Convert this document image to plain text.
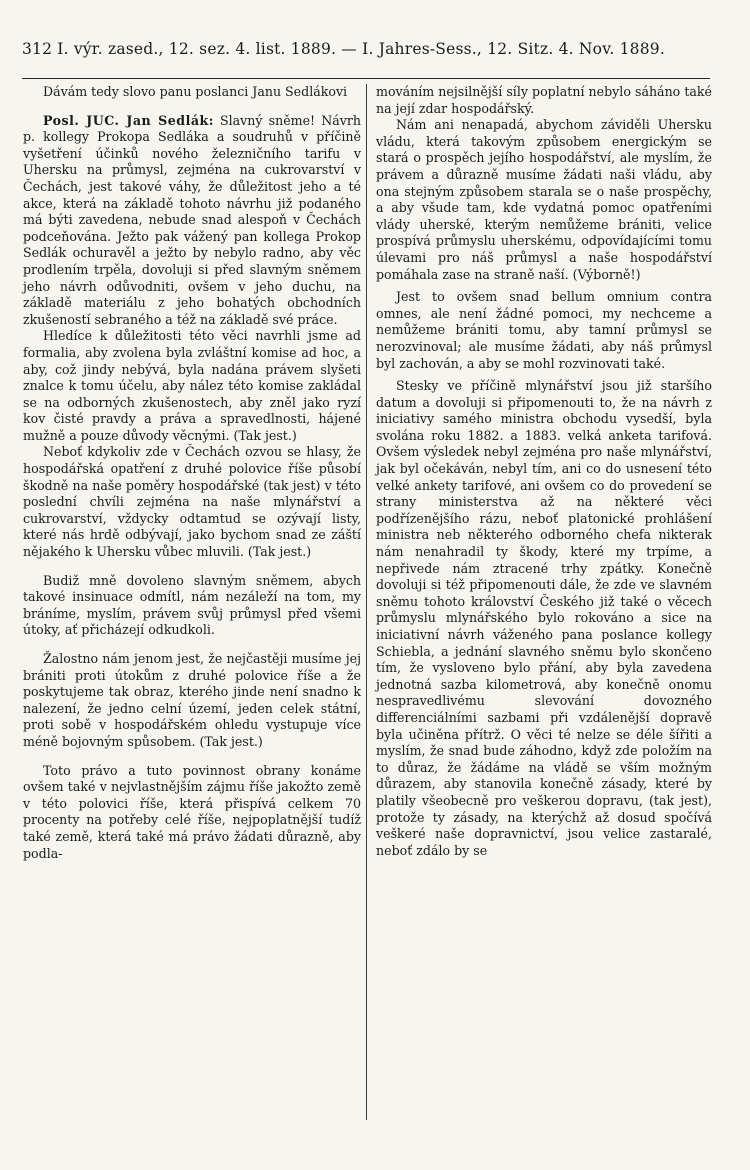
312 I. výr. zased., 12. sez. 4. list. 1889. — I. Jahres-Sess., 12. Sitz. 4. Nov. 1889.

Dávám tedy slovo panu poslanci Janu Sedlákovi

Posl. JUC. Jan Sedlák: Slavný sněme! Návrh p. kollegy Prokopa Sedláka a soudruhů v příčině vyšetření účinků nového železničního tarifu v Uhersku na průmysl, zejména na cukrovarství v Čechách, jest takové váhy, že důležitost jeho a té akce, která na základě tohoto návrhu již podaného má býti zavedena, nebude snad alespoň v Čechách podceňována. Ježto pak vážený pan kollega Prokop Sedlák ochuravěl a ježto by nebylo radno, aby věc prodlením trpěla, dovoluji si před slavným sněmem jeho návrh odůvodniti, ovšem v jeho duchu, na základě materiálu z jeho bohatých obchodních zkušeností sebraného a též na základě své práce.

Hledíce k důležitosti této věci navrhli jsme ad formalia, aby zvolena byla zvláštní komise ad hoc, a aby, což jindy nebývá, byla nadána právem slyšeti znalce k tomu účelu, aby nález této komise zakládal se na odborných zkušenostech, aby zněl jako ryzí kov čisté pravdy a práva a spravedlnosti, hájené mužně a pouze důvody věcnými. (Tak jest.)

Neboť kdykoliv zde v Čechách ozvou se hlasy, že hospodářská opatření z druhé polovice říše působí škodně na naše poměry hospodářské (tak jest) v této poslední chvíli zejména na naše mlynářství a cukrovarství, vždycky odtamtud se ozývají listy, které nás hrdě odbývají, jako bychom snad ze záští nějakého k Uhersku vůbec mluvili. (Tak jest.)

Budiž mně dovoleno slavným sněmem, abych takové insinuace odmítl, nám nezáleží na tom, my bráníme, myslím, právem svůj průmysl před všemi útoky, ať přicházejí odkudkoli.

Žalostno nám jenom jest, že nejčastěji musíme jej brániti proti útokům z druhé polovice říše a že poskytujeme tak obraz, kterého jinde není snadno k nalezení, že jedno celní území, jeden celek státní, proti sobě v hospodářském ohledu vystupuje více méně bojovným spůsobem. (Tak jest.)

Toto právo a tuto povinnost obrany konáme ovšem také v nejvlastnějším zájmu říše jakožto země v této polovici říše, která přispívá celkem 70 procenty na potřeby celé říše, nejpoplatnější tudíž také země, která také má právo žádati důrazně, aby podla-

mováním nejsilnější síly poplatní nebylo sáháno také na její zdar hospodářský.

Nám ani nenapadá, abychom záviděli Uhersku vládu, která takovým způsobem energickým se stará o prospěch jejího hospodářství, ale myslím, že právem a důrazně musíme žádati naši vládu, aby ona stejným způsobem starala se o naše prospěchy, a aby všude tam, kde vydatná pomoc opatřeními vlády uherské, kterým nemůžeme brániti, velice prospívá průmyslu uherskému, odpovídajícími tomu úlevami pro náš průmysl a naše hospodářství pomáhala zase na straně naší. (Výborně!)

Jest to ovšem snad bellum omnium contra omnes, ale není žádné pomoci, my nechceme a nemůžeme brániti tomu, aby tamní průmysl se nerozvinoval; ale musíme žádati, aby náš průmysl byl zachován, a aby se mohl rozvinovati také.

Stesky ve příčině mlynářství jsou již staršího datum a dovoluji si připomenouti to, že na návrh z iniciativy samého ministra obchodu vysedší, byla svolána roku 1882. a 1883. velká anketa tarifová. Ovšem výsledek nebyl zejména pro naše mlynářství, jak byl očekáván, nebyl tím, ani co do usnesení této velké ankety tarifové, ani ovšem co do provedení se strany ministerstva až na některé věci podřízenějšího rázu, neboť platonické prohlášení ministra neb některého odborného chefa nikterak nám nenahradil ty škody, které my trpíme, a nepřivede nám ztracené trhy zpátky. Konečně dovoluji si též připomenouti dále, že zde ve slavném sněmu tohoto království Českého již také o věcech průmyslu mlynářského bylo rokováno a sice na iniciativní návrh váženého pana poslance kollegy Schiebla, a jednání slavného sněmu bylo skončeno tím, že vysloveno bylo přání, aby byla zavedena jednotná sazba kilometrová, aby konečně onomu nespravedlivému slevování dovozného differenciálními sazbami při vzdálenější dopravě byla učiněna přítrž. O věci té nelze se déle šířiti a myslím, že snad bude záhodno, když zde položím na to důraz, že žádáme na vládě se vším možným důrazem, aby stanovila konečně zásady, které by platily všeobecně pro veškerou dopravu, (tak jest), protože ty zásady, na kterýchž až dosud spočívá veškeré naše dopravnictví, jsou velice zastaralé, neboť zdálo by se
